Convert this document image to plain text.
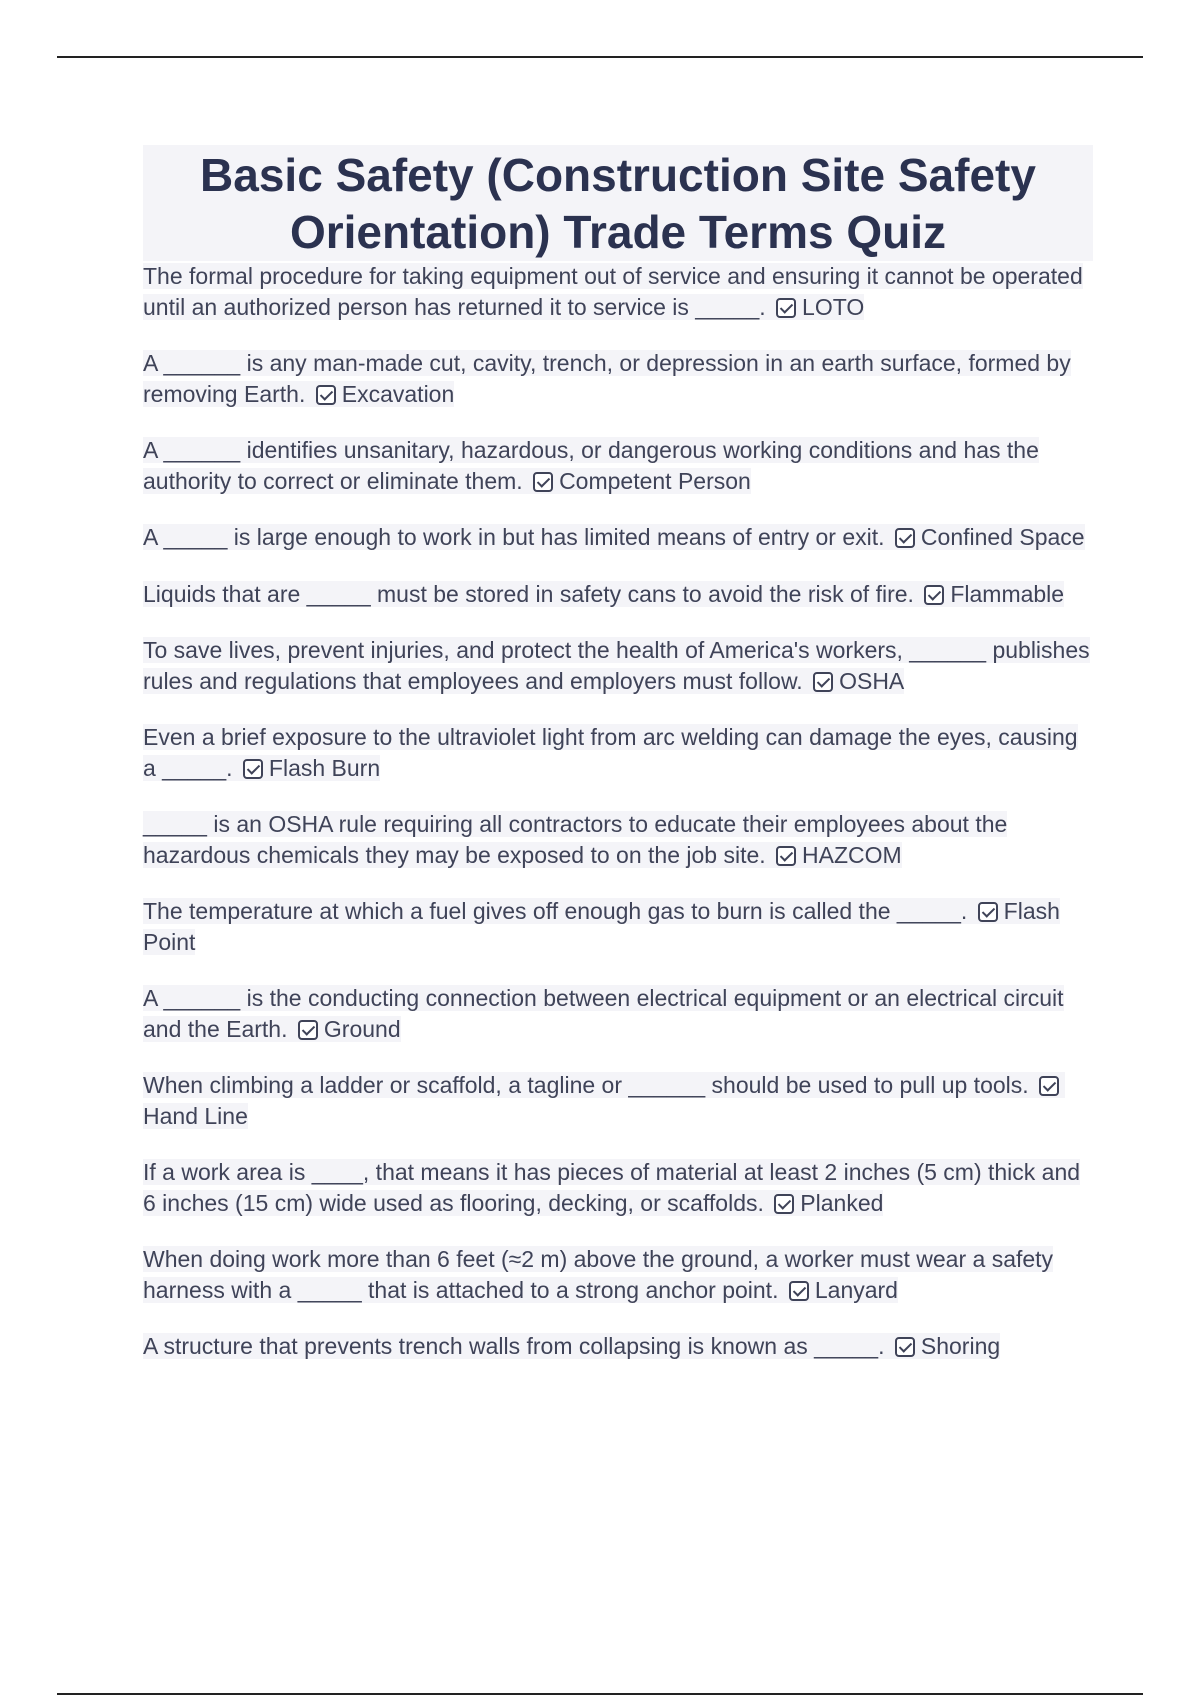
Basic Safety (Construction Site Safety Orientation) Trade Terms Quiz
The formal procedure for taking equipment out of service and ensuring it cannot be operated until an authorized person has returned it to service is _____. LOTO
A ______ is any man-made cut, cavity, trench, or depression in an earth surface, formed by removing Earth. Excavation
A ______ identifies unsanitary, hazardous, or dangerous working conditions and has the authority to correct or eliminate them. Competent Person
A _____ is large enough to work in but has limited means of entry or exit. Confined Space
Liquids that are _____ must be stored in safety cans to avoid the risk of fire. Flammable
To save lives, prevent injuries, and protect the health of America's workers, ______ publishes rules and regulations that employees and employers must follow. OSHA
Even a brief exposure to the ultraviolet light from arc welding can damage the eyes, causing a _____. Flash Burn
_____ is an OSHA rule requiring all contractors to educate their employees about the hazardous chemicals they may be exposed to on the job site. HAZCOM
The temperature at which a fuel gives off enough gas to burn is called the _____. Flash Point
A ______ is the conducting connection between electrical equipment or an electrical circuit and the Earth. Ground
When climbing a ladder or scaffold, a tagline or ______ should be used to pull up tools. Hand Line
If a work area is ____, that means it has pieces of material at least 2 inches (5 cm) thick and 6 inches (15 cm) wide used as flooring, decking, or scaffolds. Planked
When doing work more than 6 feet (≈2 m) above the ground, a worker must wear a safety harness with a _____ that is attached to a strong anchor point. Lanyard
A structure that prevents trench walls from collapsing is known as _____. Shoring
